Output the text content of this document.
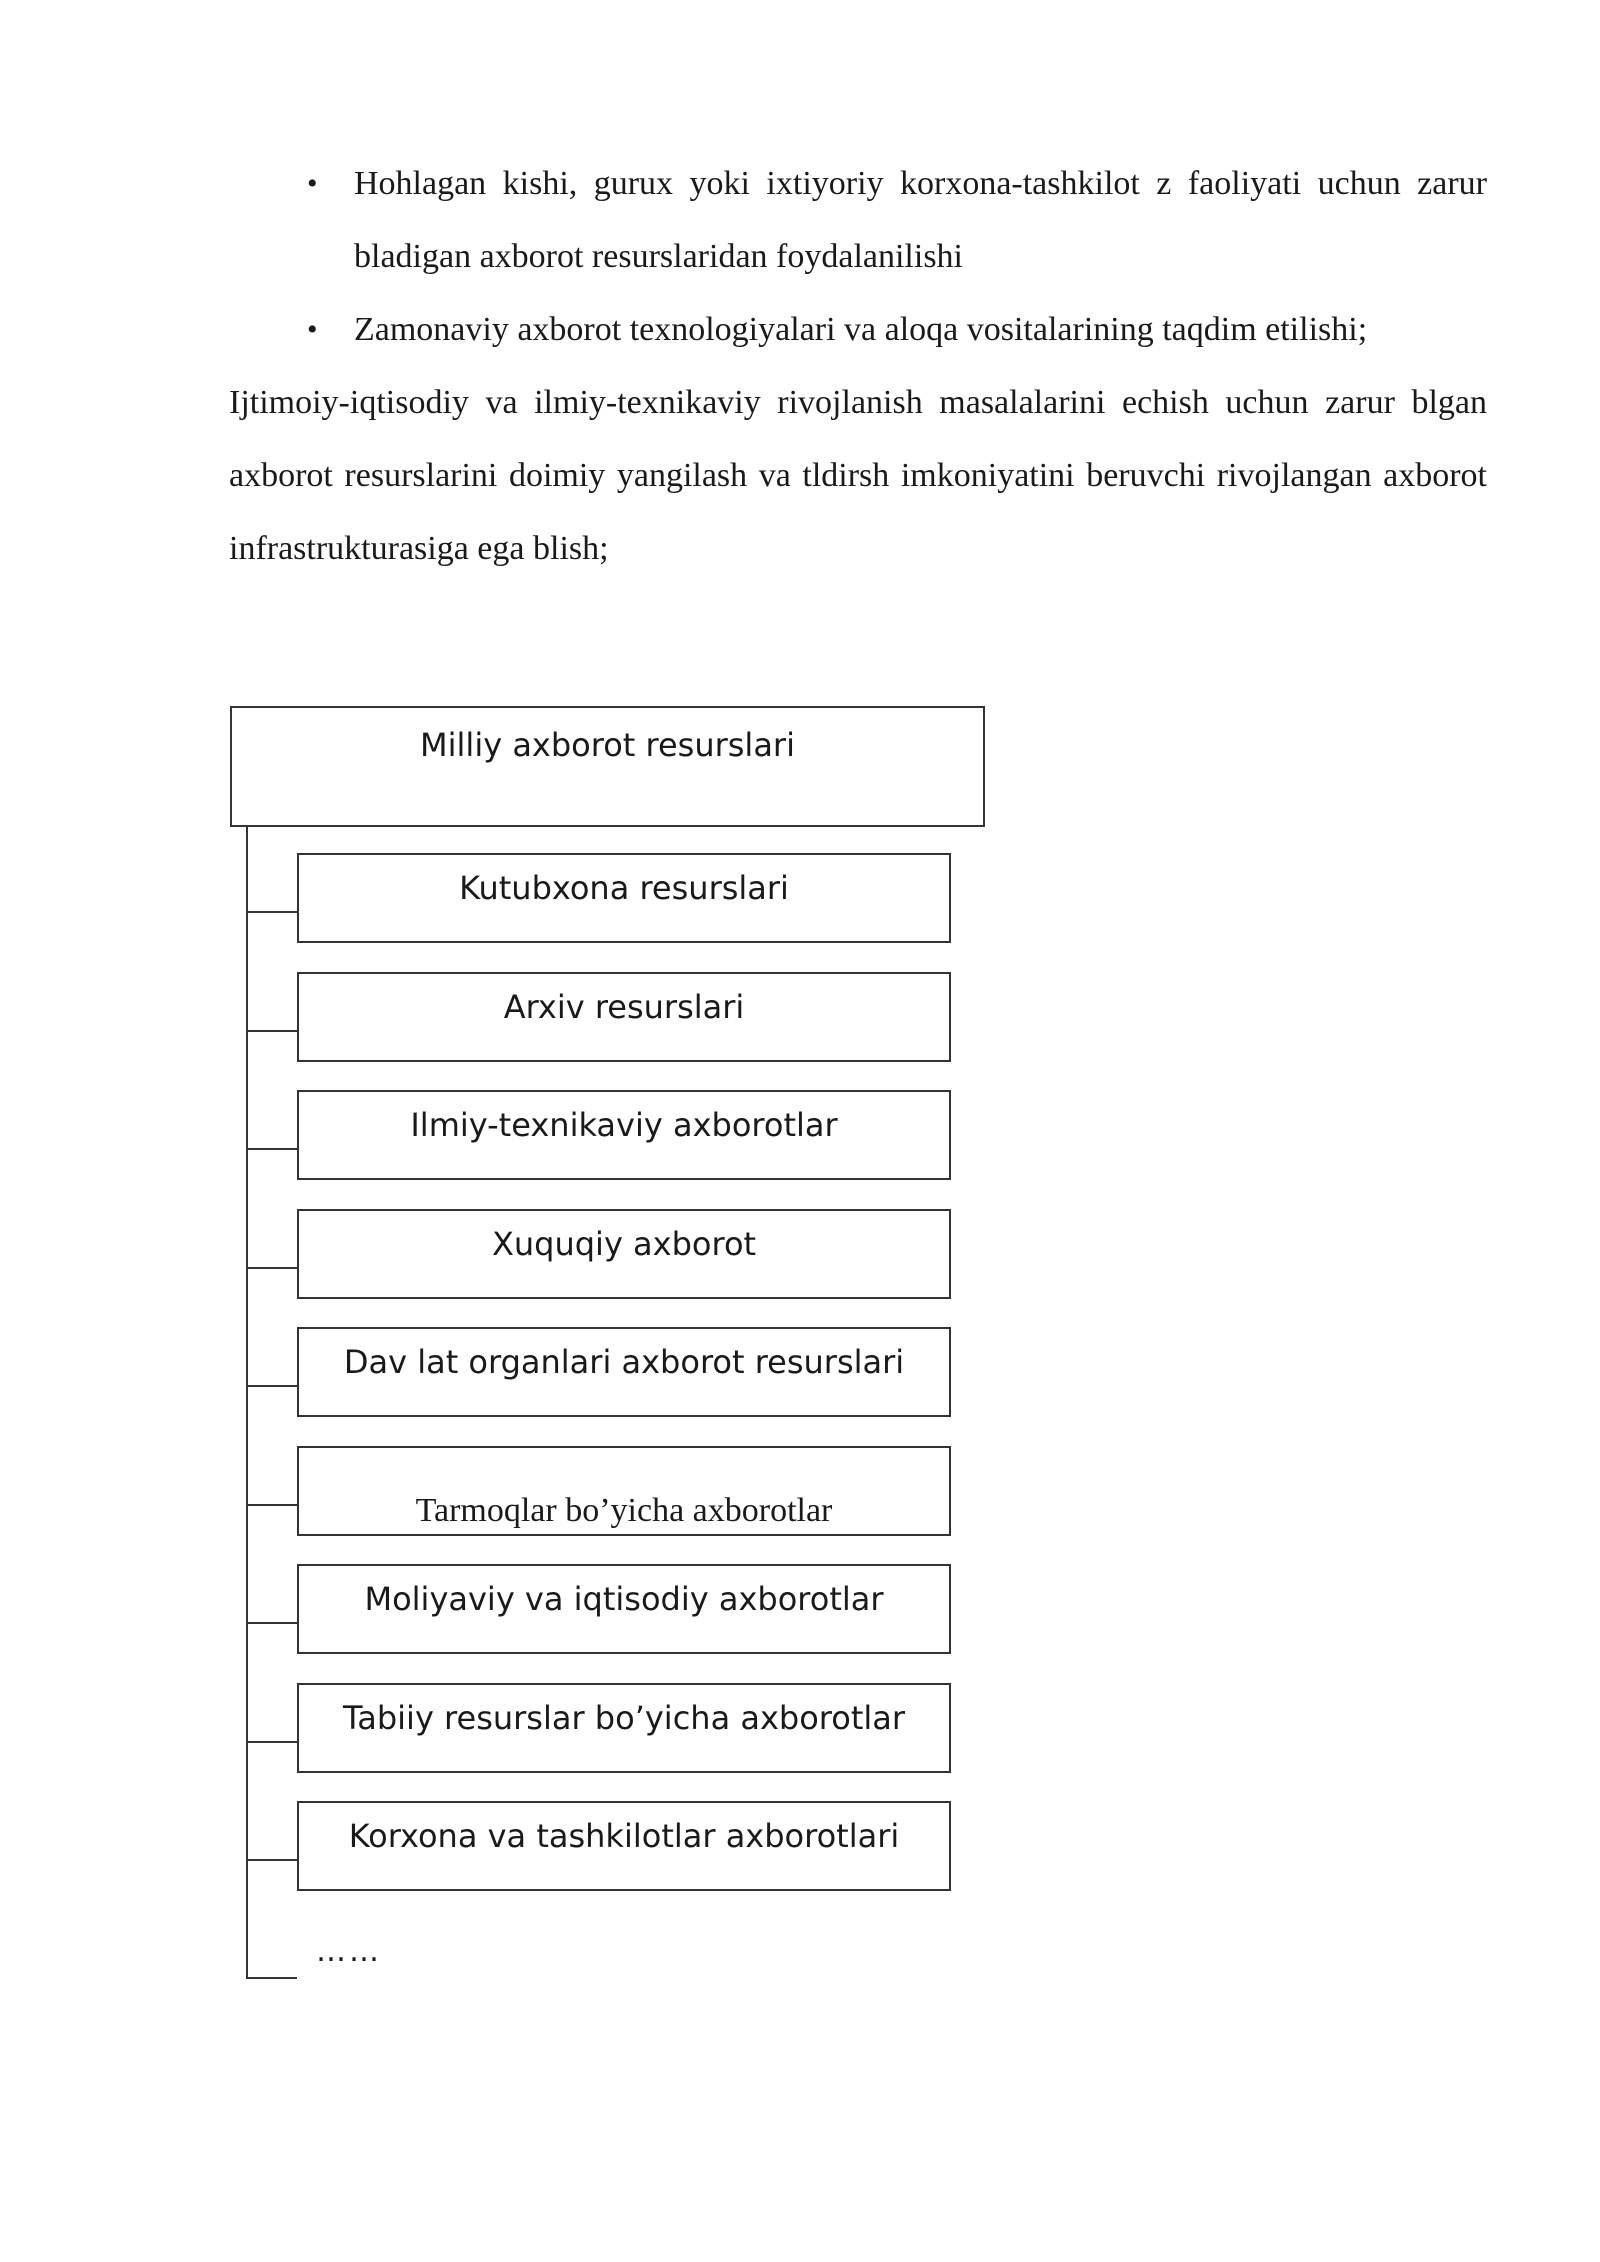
• Hohlagan kishi, gurux yoki ixtiyoriy korxona-tashkilot z faoliyati uchun zarur bladigan axborot resurslaridan foydalanilishi
• Zamonaviy axborot texnologiyalari va aloqa vositalarining taqdim etilishi;
Ijtimoiy-iqtisodiy va ilmiy-texnikaviy rivojlanish masalalarini echish uchun zarur blgan axborot resurslarini doimiy yangilash va tldirsh imkoniyatini beruvchi rivojlangan axborot infrastrukturasiga ega blish;
Milliy axborot resurslari
Kutubxona resurslari
Arxiv resurslari
Ilmiy-texnikaviy axborotlar
Xuquqiy axborot
Dav lat organlari axborot resurslari
Tarmoqlar bo’yicha axborotlar
Moliyaviy va iqtisodiy axborotlar
Tabiiy resurslar bo’yicha axborotlar
Korxona va tashkilotlar axborotlari
……
